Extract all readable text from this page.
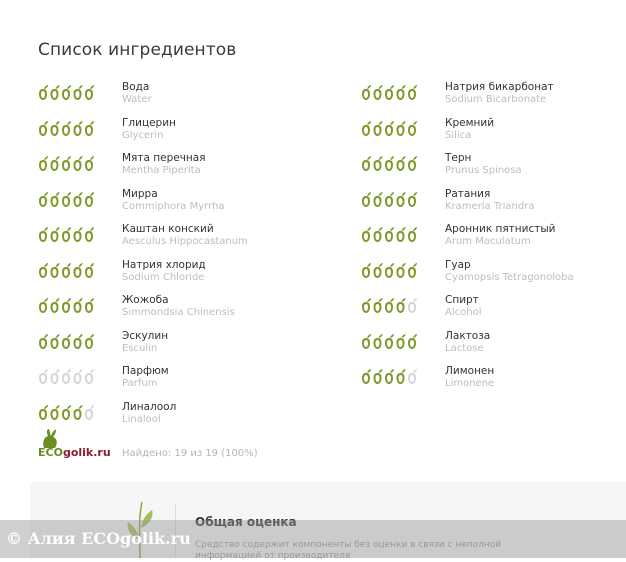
Список ингредиентов
Вода
Water
Глицерин
Glycerin
Мята перечная
Mentha Piperita
Мирра
Commiphora Myrrha
Каштан конский
Aesculus Hippocastanum
Натрия хлорид
Sodium Chloride
Жожоба
Simmondsia Chinensis
Эскулин
Esculin
Парфюм
Parfum
Линалоол
Linalool
Натрия бикарбонат
Sodium Bicarbonate
Кремний
Silica
Терн
Prunus Spinosa
Ратания
Krameria Triandra
Аронник пятнистый
Arum Maculatum
Гуар
Cyamopsis Tetragonoloba
Спирт
Alcohol
Лактоза
Lactose
Лимонен
Limonene
ECOgolik.ru Найдено: 19 из 19 (100%)
Общая оценка
Средство содержит компоненты без оценки в связи с неполной информацией от производителя
© Алия ECOgolik.ru
